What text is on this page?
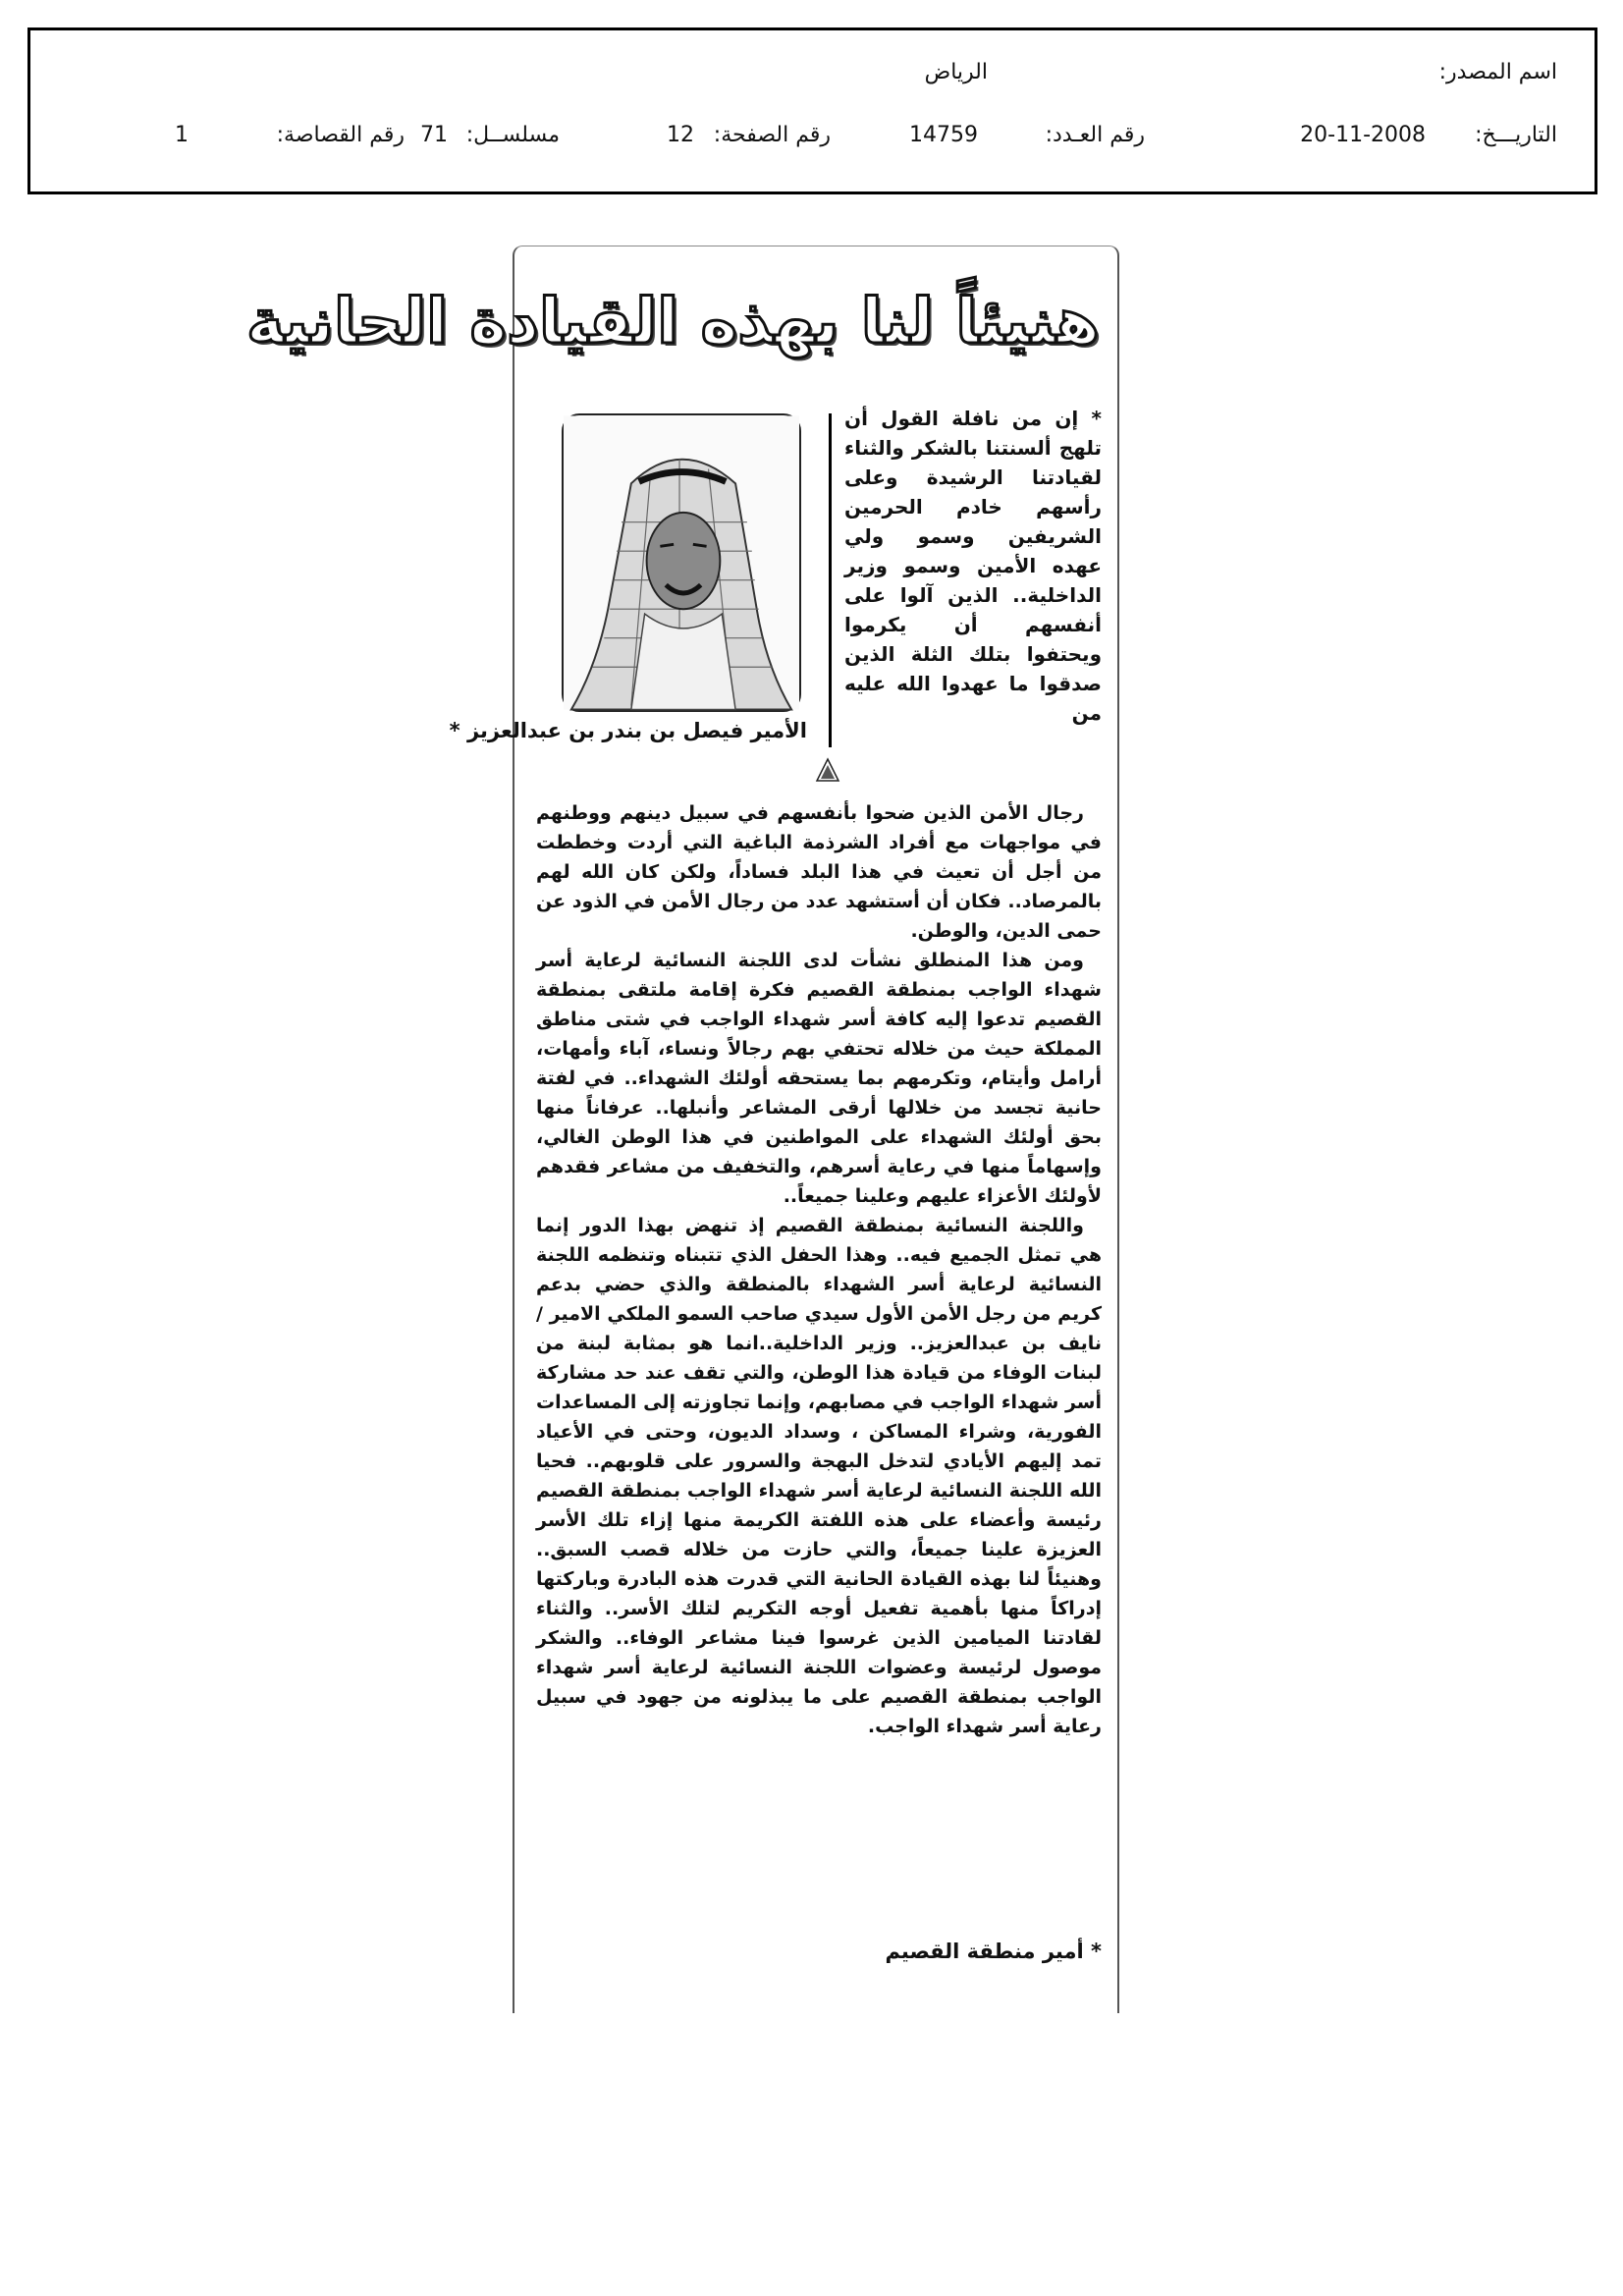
اسم المصدر:
الرياض
التاريـــخ:
20-11-2008
رقم العـدد:
14759
رقم الصفحة:
12
مسلســل:
71
رقم القصاصة:
1
هنيئاً لنا بهذه القيادة الحانية
الأمير فيصل بن بندر بن عبدالعزيز *

* إن من نافلة القول أن تلهج ألسنتنا بالشكر والثناء لقيادتنا الرشيدة وعلى رأسهم خادم الحرمين الشريفين وسمو ولي عهده الأمين وسمو وزير الداخلية.. الذين آلوا على أنفسهم أن يكرموا ويحتفوا بتلك الثلة الذين صدقوا ما عهدوا الله عليه من

رجال الأمن الذين ضحوا بأنفسهم في سبيل دينهم ووطنهم في مواجهات مع أفراد الشرذمة الباغية التي أردت وخططت من أجل أن تعيث في هذا البلد فساداً، ولكن كان الله لهم بالمرصاد.. فكان أن أستشهد عدد من رجال الأمن في الذود عن حمى الدين، والوطن.

ومن هذا المنطلق نشأت لدى اللجنة النسائية لرعاية أسر شهداء الواجب بمنطقة القصيم فكرة إقامة ملتقى بمنطقة القصيم تدعوا إليه كافة أسر شهداء الواجب في شتى مناطق المملكة حيث من خلاله تحتفي بهم رجالاً ونساء، آباء وأمهات، أرامل وأيتام، وتكرمهم بما يستحقه أولئك الشهداء.. في لفتة حانية تجسد من خلالها أرقى المشاعر وأنبلها.. عرفاناً منها بحق أولئك الشهداء على المواطنين في هذا الوطن الغالي، وإسهاماً منها في رعاية أسرهم، والتخفيف من مشاعر فقدهم لأولئك الأعزاء عليهم وعلينا جميعاً..

واللجنة النسائية بمنطقة القصيم إذ تنهض بهذا الدور إنما هي تمثل الجميع فيه.. وهذا الحفل الذي تتبناه وتنظمه اللجنة النسائية لرعاية أسر الشهداء بالمنطقة والذي حضي بدعم كريم من رجل الأمن الأول سيدي صاحب السمو الملكي الامير / نايف بن عبدالعزيز.. وزير الداخلية..انما هو بمثابة لبنة من لبنات الوفاء من قيادة هذا الوطن، والتي تقف عند حد مشاركة أسر شهداء الواجب في مصابهم، وإنما تجاوزته إلى المساعدات الفورية، وشراء المساكن ، وسداد الديون، وحتى في الأعياد تمد إليهم الأيادي لتدخل البهجة والسرور على قلوبهم.. فحيا الله اللجنة النسائية لرعاية أسر شهداء الواجب بمنطقة القصيم رئيسة وأعضاء على هذه اللفتة الكريمة منها إزاء تلك الأسر العزيزة علينا جميعاً، والتي حازت من خلاله قصب السبق.. وهنيئاً لنا بهذه القيادة الحانية التي قدرت هذه البادرة وباركتها إدراكاً منها بأهمية تفعيل أوجه التكريم لتلك الأسر.. والثناء لقادتنا الميامين الذين غرسوا فينا مشاعر الوفاء.. والشكر موصول لرئيسة وعضوات اللجنة النسائية لرعاية أسر شهداء الواجب بمنطقة القصيم على ما يبذلونه من جهود في سبيل رعاية أسر شهداء الواجب.

* أمير منطقة القصيم
